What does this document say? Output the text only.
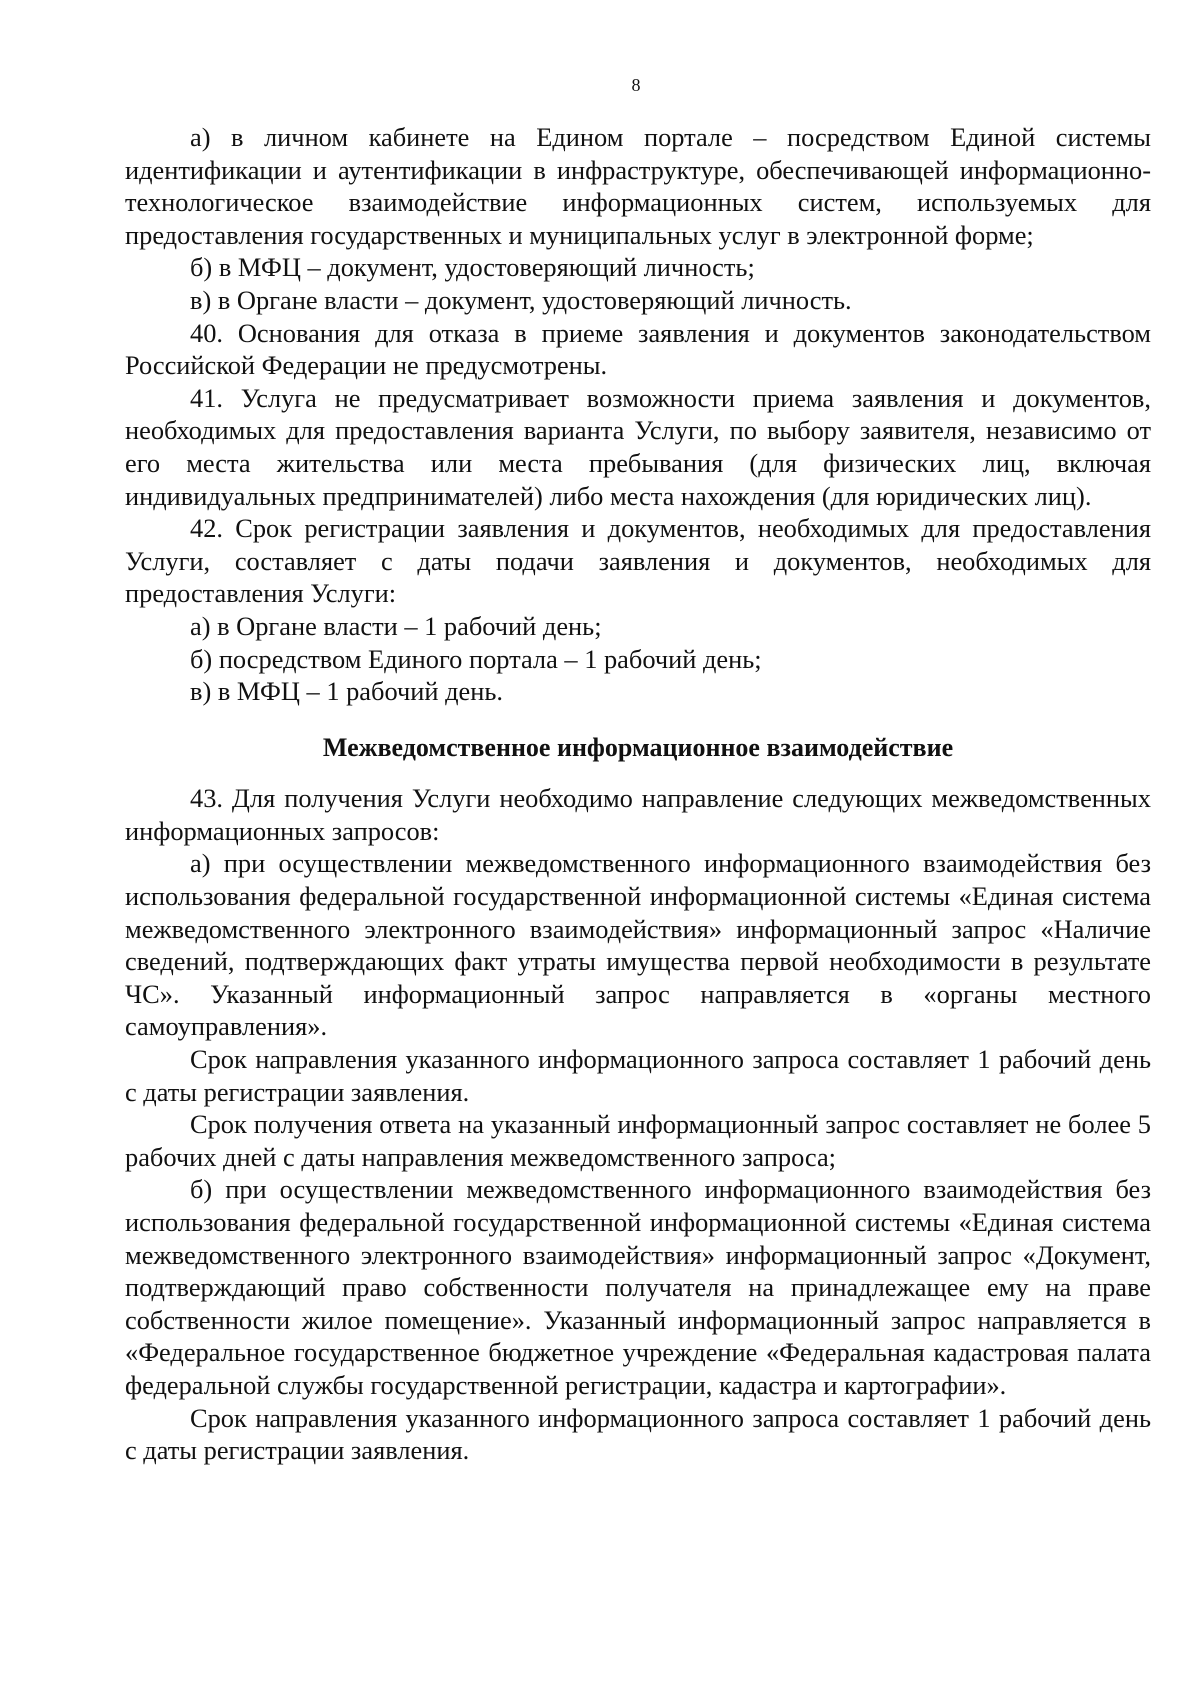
8

а) в личном кабинете на Едином портале – посредством Единой системы идентификации и аутентификации в инфраструктуре, обеспечивающей информационно-технологическое взаимодействие информационных систем, используемых для предоставления государственных и муниципальных услуг в электронной форме;

б) в МФЦ – документ, удостоверяющий личность;

в) в Органе власти – документ, удостоверяющий личность.

40. Основания для отказа в приеме заявления и документов законодательством Российской Федерации не предусмотрены.

41. Услуга не предусматривает возможности приема заявления и документов, необходимых для предоставления варианта Услуги, по выбору заявителя, независимо от его места жительства или места пребывания (для физических лиц, включая индивидуальных предпринимателей) либо места нахождения (для юридических лиц).

42. Срок регистрации заявления и документов, необходимых для предоставления Услуги, составляет с даты подачи заявления и документов, необходимых для предоставления Услуги:

а) в Органе власти – 1 рабочий день;

б) посредством Единого портала – 1 рабочий день;

в) в МФЦ – 1 рабочий день.

Межведомственное информационное взаимодействие

43. Для получения Услуги необходимо направление следующих межведомственных информационных запросов:

а) при осуществлении межведомственного информационного взаимодействия без использования федеральной государственной информационной системы «Единая система межведомственного электронного взаимодействия» информационный запрос «Наличие сведений, подтверждающих факт утраты имущества первой необходимости в результате ЧС». Указанный информационный запрос направляется в «органы местного самоуправления».

Срок направления указанного информационного запроса составляет 1 рабочий день с даты регистрации заявления.

Срок получения ответа на указанный информационный запрос составляет не более 5 рабочих дней с даты направления межведомственного запроса;

б) при осуществлении межведомственного информационного взаимодействия без использования федеральной государственной информационной системы «Единая система межведомственного электронного взаимодействия» информационный запрос «Документ, подтверждающий право собственности получателя на принадлежащее ему на праве собственности жилое помещение». Указанный информационный запрос направляется в «Федеральное государственное бюджетное учреждение «Федеральная кадастровая палата федеральной службы государственной регистрации, кадастра и картографии».

Срок направления указанного информационного запроса составляет 1 рабочий день с даты регистрации заявления.
